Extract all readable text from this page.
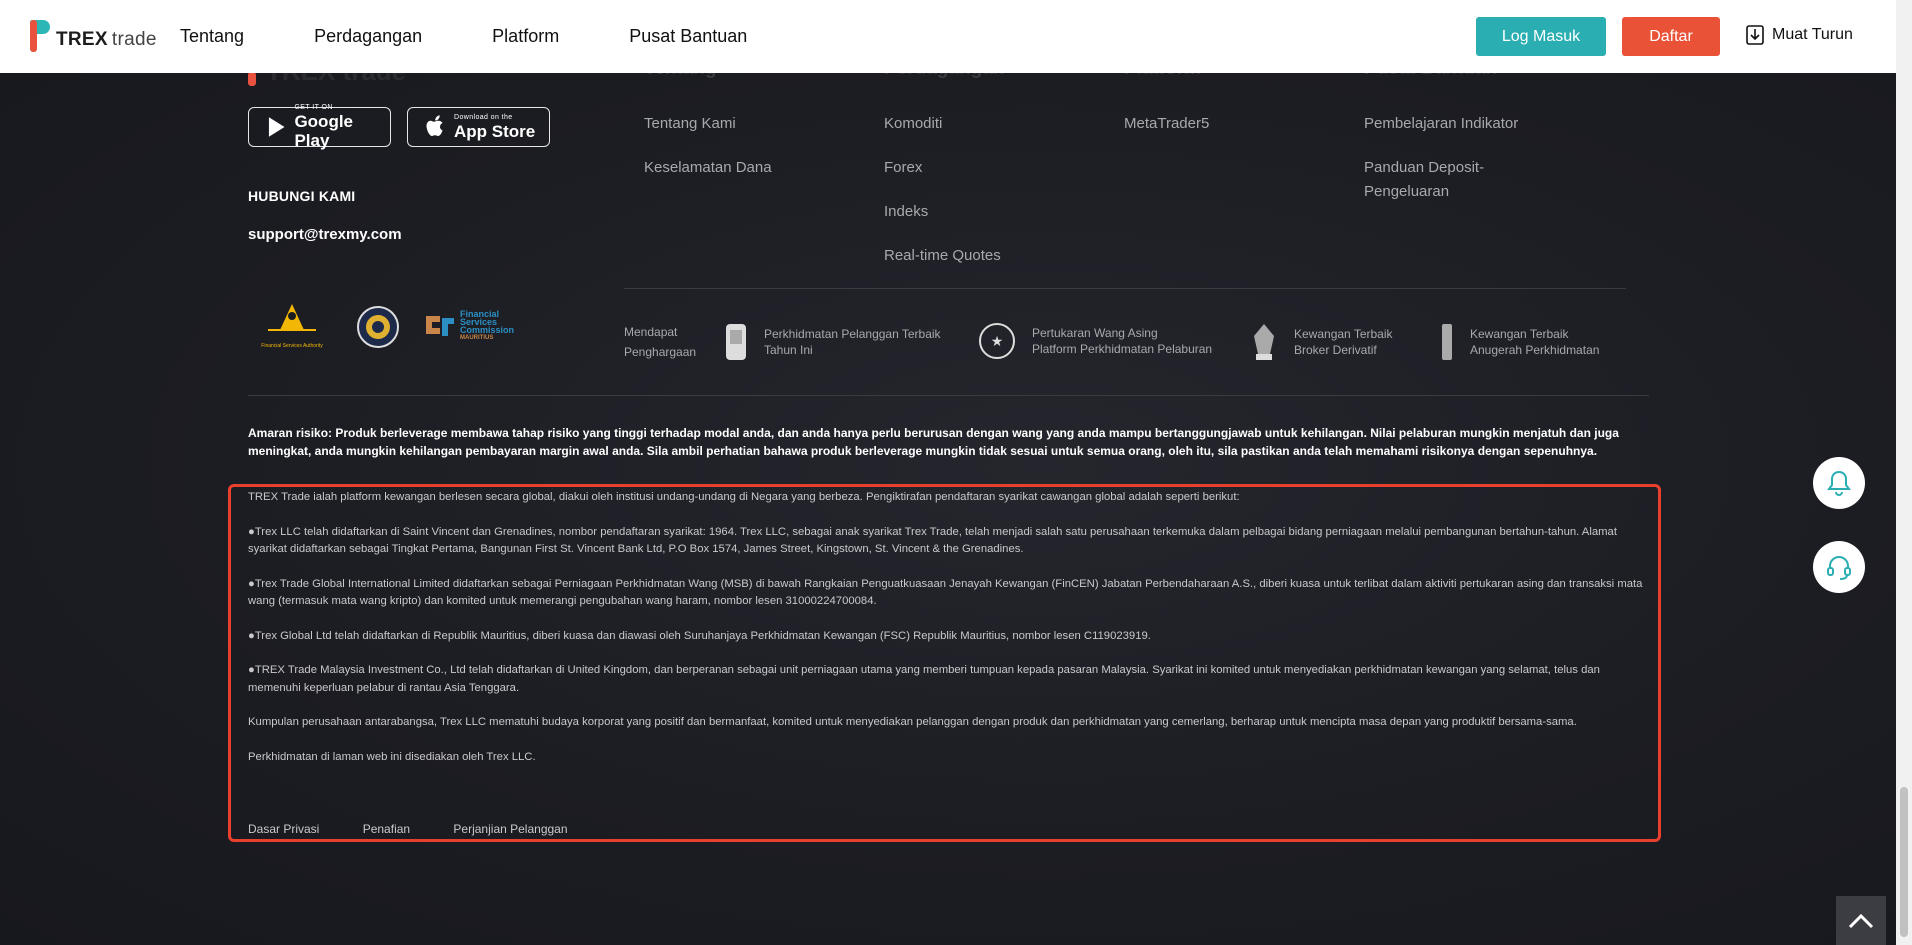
TREX trade Tentang	Perdagangan	Platform	Pusat Bantuan	Log Masuk	Daftar	Muat Turun
GET IT ON
Google Play
Download on the
App Store
HUBUNGI KAMI
support@trexmy.com
Tentang Kami
Keselamatan Dana
Komoditi
Forex
Indeks
Real-time Quotes
MetaTrader5	Pembelajaran Indikator
Panduan Deposit-
Pengeluaran
Financial Services Authority
Financial
Services
Commission
MAURITIUS	Mendapat
Penghargaan
Perkhidmatan Pelanggan Terbaik
Tahun Ini
★ Pertukaran Wang Asing
Platform Perkhidmatan Pelaburan
Kewangan Terbaik
Broker Derivatif
Kewangan Terbaik
Anugerah Perkhidmatan
Amaran risiko: Produk berleverage membawa tahap risiko yang tinggi terhadap modal anda, dan anda hanya perlu berurusan dengan wang yang anda mampu bertanggungjawab untuk kehilangan. Nilai pelaburan mungkin menjatuh dan juga meningkat, anda mungkin kehilangan pembayaran margin awal anda. Sila ambil perhatian bahawa produk berleverage mungkin tidak sesuai untuk semua orang, oleh itu, sila pastikan anda telah memahami risikonya dengan sepenuhnya.

TREX Trade ialah platform kewangan berlesen secara global, diakui oleh institusi undang-undang di Negara yang berbeza. Pengiktirafan pendaftaran syarikat cawangan global adalah seperti berikut:

●Trex LLC telah didaftarkan di Saint Vincent dan Grenadines, nombor pendaftaran syarikat: 1964. Trex LLC, sebagai anak syarikat Trex Trade, telah menjadi salah satu perusahaan terkemuka dalam pelbagai bidang perniagaan melalui pembangunan bertahun-tahun. Alamat syarikat didaftarkan sebagai Tingkat Pertama, Bangunan First St. Vincent Bank Ltd, P.O Box 1574, James Street, Kingstown, St. Vincent & the Grenadines.

●Trex Trade Global International Limited didaftarkan sebagai Perniagaan Perkhidmatan Wang (MSB) di bawah Rangkaian Penguatkuasaan Jenayah Kewangan (FinCEN) Jabatan Perbendaharaan A.S., diberi kuasa untuk terlibat dalam aktiviti pertukaran asing dan transaksi mata wang (termasuk mata wang kripto) dan komited untuk memerangi pengubahan wang haram, nombor lesen 31000224700084.

●Trex Global Ltd telah didaftarkan di Republik Mauritius, diberi kuasa dan diawasi oleh Suruhanjaya Perkhidmatan Kewangan (FSC) Republik Mauritius, nombor lesen C119023919.

●TREX Trade Malaysia Investment Co., Ltd telah didaftarkan di United Kingdom, dan berperanan sebagai unit perniagaan utama yang memberi tumpuan kepada pasaran Malaysia. Syarikat ini komited untuk menyediakan perkhidmatan kewangan yang selamat, telus dan memenuhi keperluan pelabur di rantau Asia Tenggara.

Kumpulan perusahaan antarabangsa, Trex LLC mematuhi budaya korporat yang positif dan bermanfaat, komited untuk menyediakan pelanggan dengan produk dan perkhidmatan yang cemerlang, berharap untuk mencipta masa depan yang produktif bersama-sama.

Perkhidmatan di laman web ini disediakan oleh Trex LLC.

Dasar Privasi	Penafian	Perjanjian Pelanggan
